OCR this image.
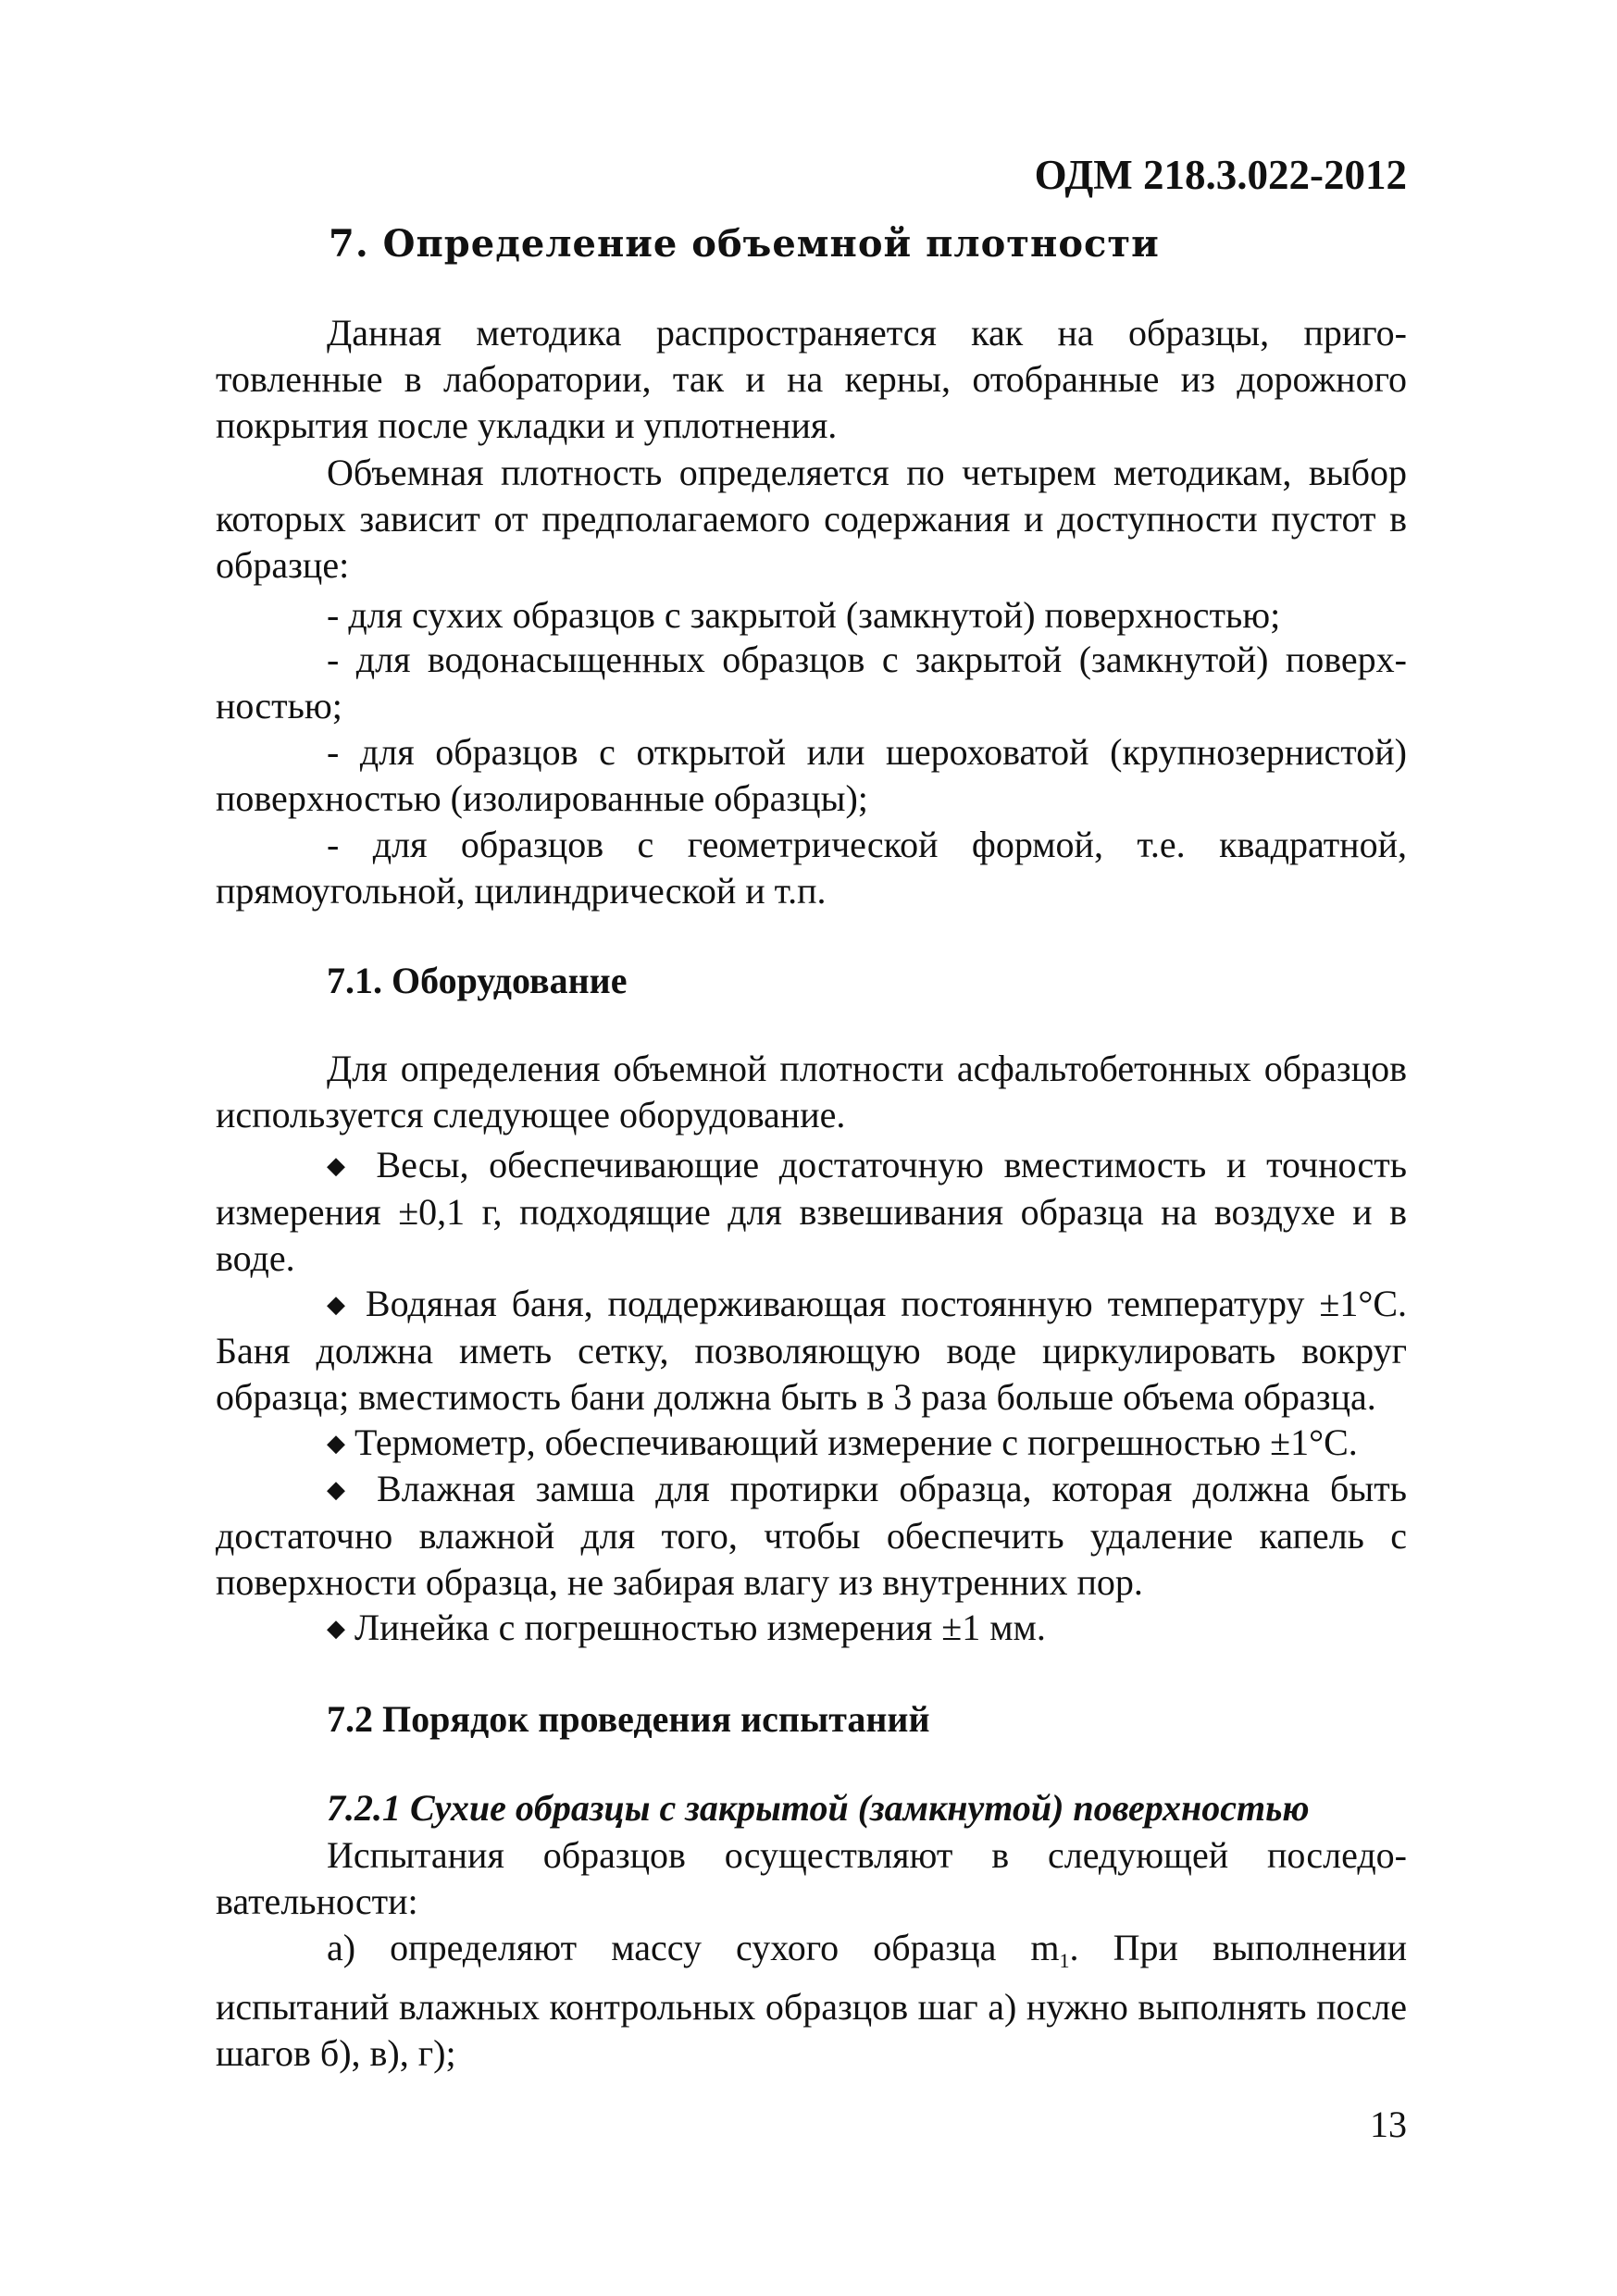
ОДМ 218.3.022-2012
7. Определение объемной плотности
Данная методика распространяется как на образцы, приго-
товленные в лаборатории, так и на керны, отобранные из дорожного
покрытия после укладки и уплотнения.
Объемная плотность определяется по четырем методикам, выбор
которых зависит от предполагаемого содержания и доступности пустот в
образце:
- для сухих образцов с закрытой (замкнутой) поверхностью;
- для водонасыщенных образцов с закрытой (замкнутой) поверх-
ностью;
- для образцов с открытой или шероховатой (крупнозернистой)
поверхностью (изолированные образцы);
- для образцов с геометрической формой, т.е. квадратной,
прямоугольной, цилиндрической и т.п.
7.1. Оборудование
Для определения объемной плотности асфальтобетонных образцов
используется следующее оборудование.
◆ Весы, обеспечивающие достаточную вместимость и точность
измерения ±0,1 г, подходящие для взвешивания образца на воздухе и в
воде.
◆ Водяная баня, поддерживающая постоянную температуру ±1°С.
Баня должна иметь сетку, позволяющую воде циркулировать вокруг
образца; вместимость бани должна быть в 3 раза больше объема образца.
◆ Термометр, обеспечивающий измерение с погрешностью ±1°С.
◆ Влажная замша для протирки образца, которая должна быть
достаточно влажной для того, чтобы обеспечить удаление капель с
поверхности образца, не забирая влагу из внутренних пор.
◆ Линейка с погрешностью измерения ±1 мм.
7.2 Порядок проведения испытаний
7.2.1 Сухие образцы с закрытой (замкнутой) поверхностью
Испытания образцов осуществляют в следующей последо-
вательности:
а) определяют массу сухого образца $m_1$. При выполнении
испытаний влажных контрольных образцов шаг а) нужно выполнять после
шагов б), в), г);
13
